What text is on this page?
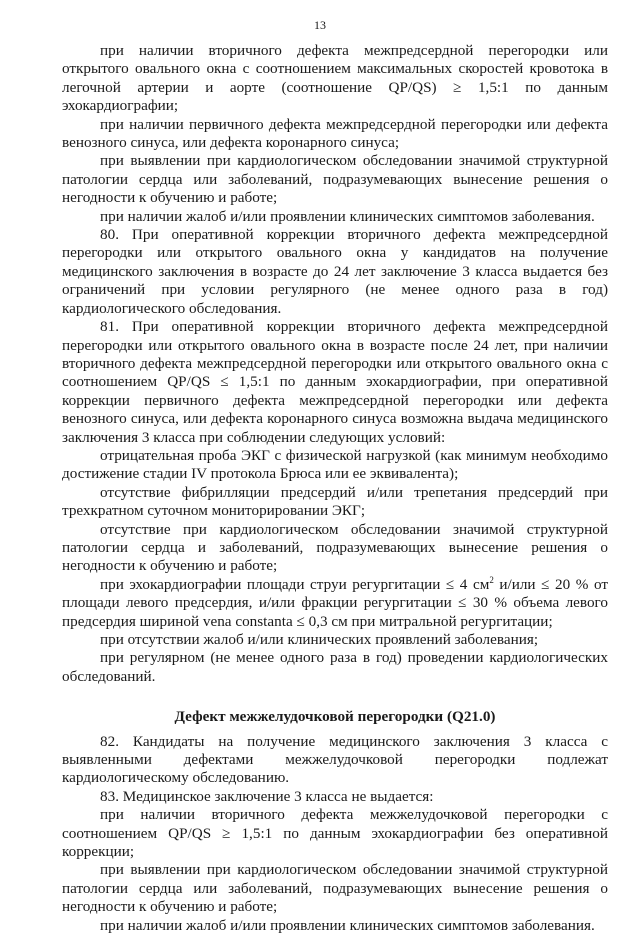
13

при наличии вторичного дефекта межпредсердной перегородки или открытого овального окна с соотношением максимальных скоростей кровотока в легочной артерии и аорте (соотношение QP/QS) ≥ 1,5:1 по данным эхокардиографии;

при наличии первичного дефекта межпредсердной перегородки или дефекта венозного синуса, или дефекта коронарного синуса;

при выявлении при кардиологическом обследовании значимой структурной патологии сердца или заболеваний, подразумевающих вынесение решения о негодности к обучению и работе;

при наличии жалоб и/или проявлении клинических симптомов заболевания.

80. При оперативной коррекции вторичного дефекта межпредсердной перегородки или открытого овального окна у кандидатов на получение медицинского заключения в возрасте до 24 лет заключение 3 класса выдается без ограничений при условии регулярного (не менее одного раза в год) кардиологического обследования.

81. При оперативной коррекции вторичного дефекта межпредсердной перегородки или открытого овального окна в возрасте после 24 лет, при наличии вторичного дефекта межпредсердной перегородки или открытого овального окна с соотношением QP/QS ≤ 1,5:1 по данным эхокардиографии, при оперативной коррекции первичного дефекта межпредсердной перегородки или дефекта венозного синуса, или дефекта коронарного синуса возможна выдача медицинского заключения 3 класса при соблюдении следующих условий:

отрицательная проба ЭКГ с физической нагрузкой (как минимум необходимо достижение стадии IV протокола Брюса или ее эквивалента);

отсутствие фибрилляции предсердий и/или трепетания предсердий при трехкратном суточном мониторировании ЭКГ;

отсутствие при кардиологическом обследовании значимой структурной патологии сердца и заболеваний, подразумевающих вынесение решения о негодности к обучению и работе;

при эхокардиографии площади струи регургитации ≤ 4 $см^2$ и/или ≤ 20 % от площади левого предсердия, и/или фракции регургитации ≤ 30 % объема левого предсердия шириной vena constanta ≤ 0,3 см при митральной регургитации;

при отсутствии жалоб и/или клинических проявлений заболевания;

при регулярном (не менее одного раза в год) проведении кардиологических обследований.

Дефект межжелудочковой перегородки (Q21.0)

82. Кандидаты на получение медицинского заключения 3 класса с выявленными дефектами межжелудочковой перегородки подлежат кардиологическому обследованию.

83. Медицинское заключение 3 класса не выдается:

при наличии вторичного дефекта межжелудочковой перегородки с соотношением QP/QS ≥ 1,5:1 по данным эхокардиографии без оперативной коррекции;

при выявлении при кардиологическом обследовании значимой структурной патологии сердца или заболеваний, подразумевающих вынесение решения о негодности к обучению и работе;

при наличии жалоб и/или проявлении клинических симптомов заболевания.
